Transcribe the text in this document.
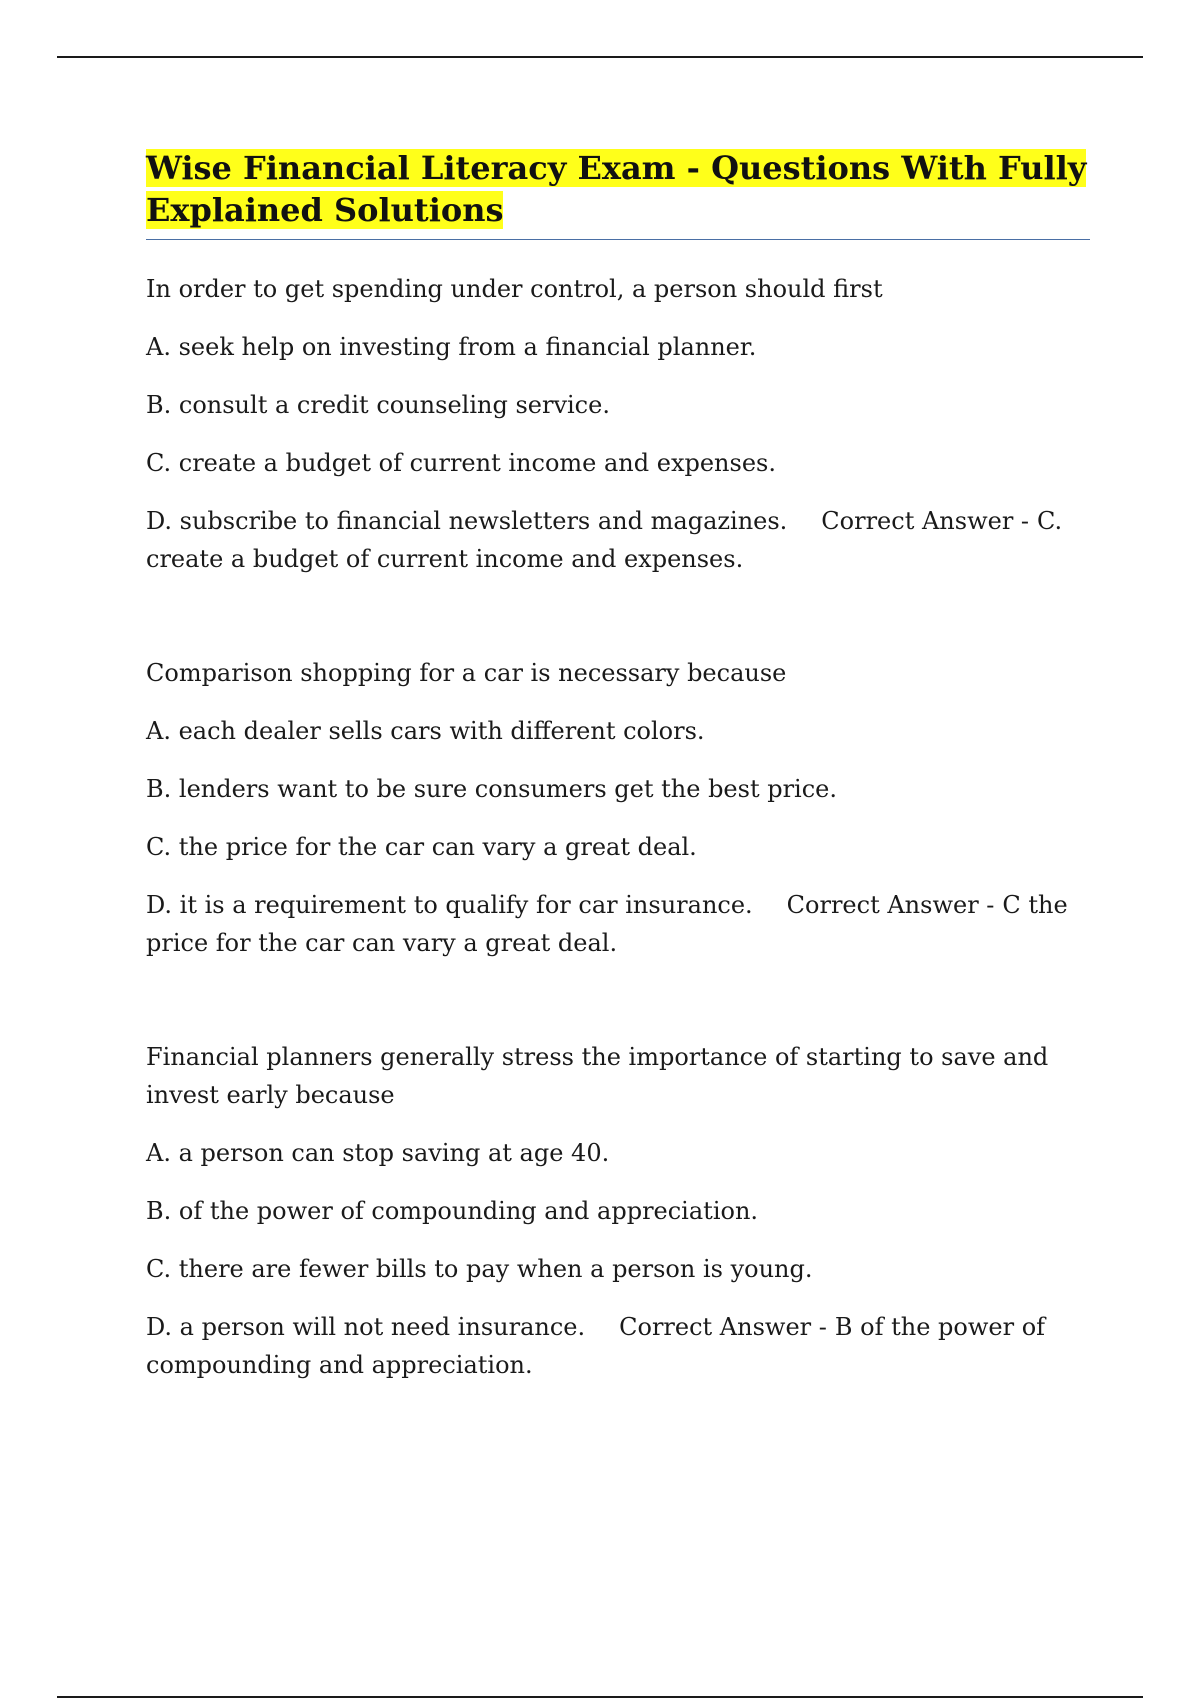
Wise Financial Literacy Exam - Questions With Fully Explained Solutions

In order to get spending under control, a person should first

A. seek help on investing from a financial planner.

B. consult a credit counseling service.

C. create a budget of current income and expenses.

D. subscribe to financial newsletters and magazines. Correct Answer - C. create a budget of current income and expenses.

Comparison shopping for a car is necessary because

A. each dealer sells cars with different colors.

B. lenders want to be sure consumers get the best price.

C. the price for the car can vary a great deal.

D. it is a requirement to qualify for car insurance. Correct Answer - C the price for the car can vary a great deal.

Financial planners generally stress the importance of starting to save and invest early because

A. a person can stop saving at age 40.

B. of the power of compounding and appreciation.

C. there are fewer bills to pay when a person is young.

D. a person will not need insurance. Correct Answer - B of the power of compounding and appreciation.
